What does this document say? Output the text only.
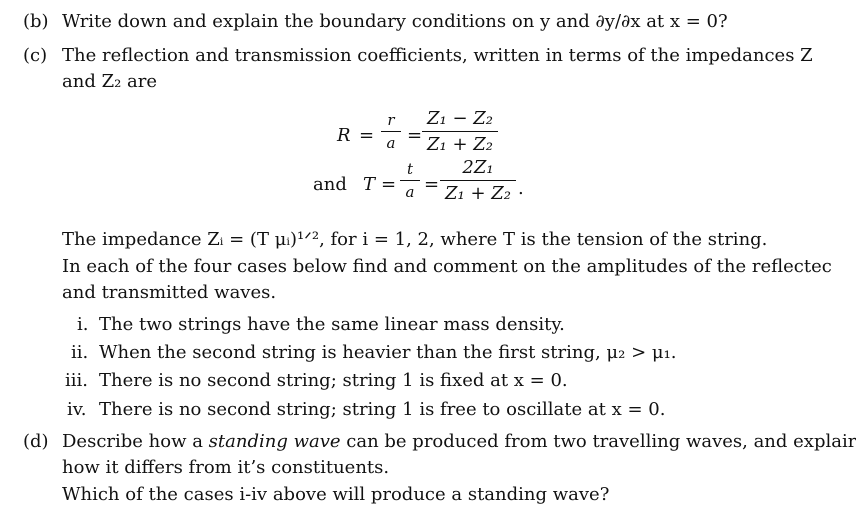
(b) Write down and explain the boundary conditions on y and ∂y/∂x at x = 0?
(c) The reflection and transmission coefficients, written in terms of the impedances Z
and Z₂ are
R =
r
a =
Z₁ − Z₂
Z₁ + Z₂
and T =
t
a =
2Z₁
Z₁ + Z₂ .
The impedance Zᵢ = (T μᵢ)¹ᐟ², for i = 1, 2, where T is the tension of the string.
In each of the four cases below find and comment on the amplitudes of the reflectec
and transmitted waves.
i. The two strings have the same linear mass density.
ii. When the second string is heavier than the first string, μ₂ > μ₁.
iii. There is no second string; string 1 is fixed at x = 0.
iv. There is no second string; string 1 is free to oscillate at x = 0.
(d) Describe how a standing wave can be produced from two travelling waves, and explair
how it differs from it’s constituents.
Which of the cases i-iv above will produce a standing wave?
